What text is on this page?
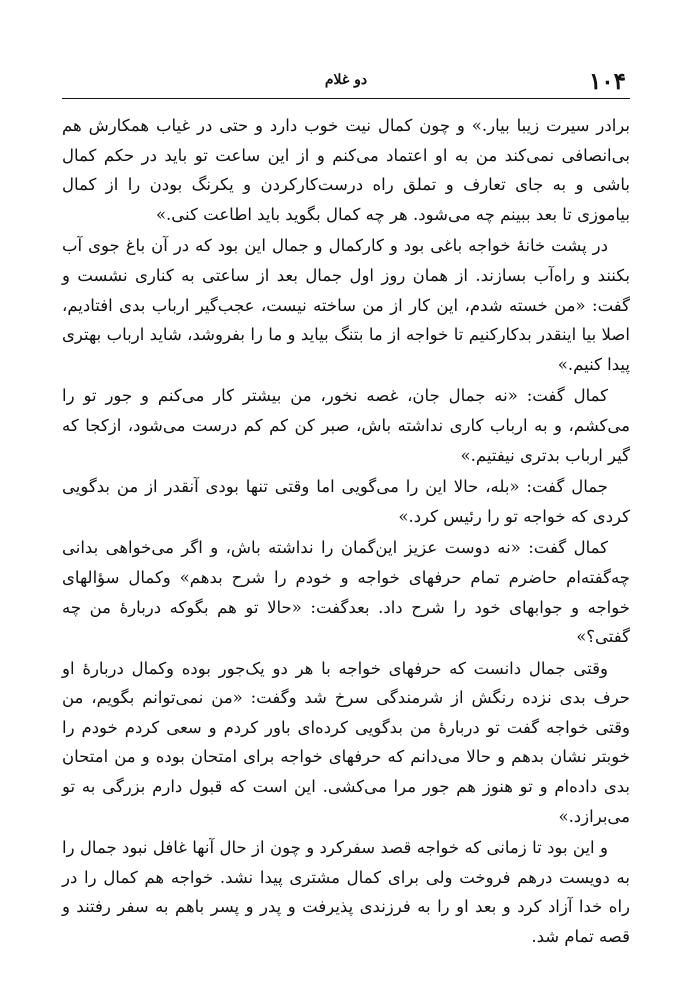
۱۰۴
دو غلام

برادر سیرت زیبا بیار.» و چون کمال نیت خوب دارد و حتی در غیاب همکارش هم بی‌انصافی نمی‌کند من به او اعتماد می‌کنم و از این ساعت تو باید در حکم کمال باشی و به جای تعارف و تملق راه درست‌کارکردن و یکرنگ بودن را از کمال بیاموزی تا بعد ببینم چه می‌شود. هر چه کمال بگوید باید اطاعت کنی.»

در پشت خانهٔ خواجه باغی بود و کارکمال و جمال این بود که در آن باغ جوی آب بکنند و راه‌آب بسازند. از همان روز اول جمال بعد از ساعتی به کناری نشست و گفت: «من خسته شدم، این کار از من ساخته نیست، عجب‌گیر ارباب بدی افتادیم، اصلا بیا اینقدر بدکارکنیم تا خواجه از ما بتنگ بیاید و ما را بفروشد، شاید ارباب بهتری پیدا کنیم.»

کمال گفت: «نه جمال جان، غصه نخور، من بیشتر کار می‌کنم و جور تو را می‌کشم، و به ارباب کاری نداشته باش، صبر کن کم کم درست می‌شود، ازکجا که گیر ارباب بدتری نیفتیم.»

جمال گفت: «بله، حالا این را می‌گویی اما وقتی تنها بودی آنقدر از من بدگویی کردی که خواجه تو را رئیس کرد.»

کمال گفت: «نه دوست عزیز این‌گمان را نداشته باش، و اگر می‌خواهی بدانی چه‌گفته‌ام حاضرم تمام حرفهای خواجه و خودم را شرح بدهم» وکمال سؤالهای خواجه و جوابهای خود را شرح داد. بعدگفت: «حالا تو هم بگوکه دربارهٔ من چه گفتی؟»

وقتی جمال دانست که حرفهای خواجه با هر دو یک‌جور بوده وکمال دربارهٔ او حرف بدی نزده رنگش از شرمندگی سرخ شد وگفت: «من نمی‌توانم بگویم، من وقتی خواجه گفت تو دربارهٔ من بدگویی کرده‌ای باور کردم و سعی کردم خودم را خوبتر نشان بدهم و حالا می‌دانم که حرفهای خواجه برای امتحان بوده و من امتحان بدی داده‌ام و تو هنوز هم جور مرا می‌کشی. این است که قبول دارم بزرگی به تو می‌برازد.»

و این بود تا زمانی که خواجه قصد سفرکرد و چون از حال آنها غافل نبود جمال را به دویست درهم فروخت ولی برای کمال مشتری پیدا نشد. خواجه هم کمال را در راه خدا آزاد کرد و بعد او را به فرزندی پذیرفت و پدر و پسر باهم به سفر رفتند و قصه تمام شد.
